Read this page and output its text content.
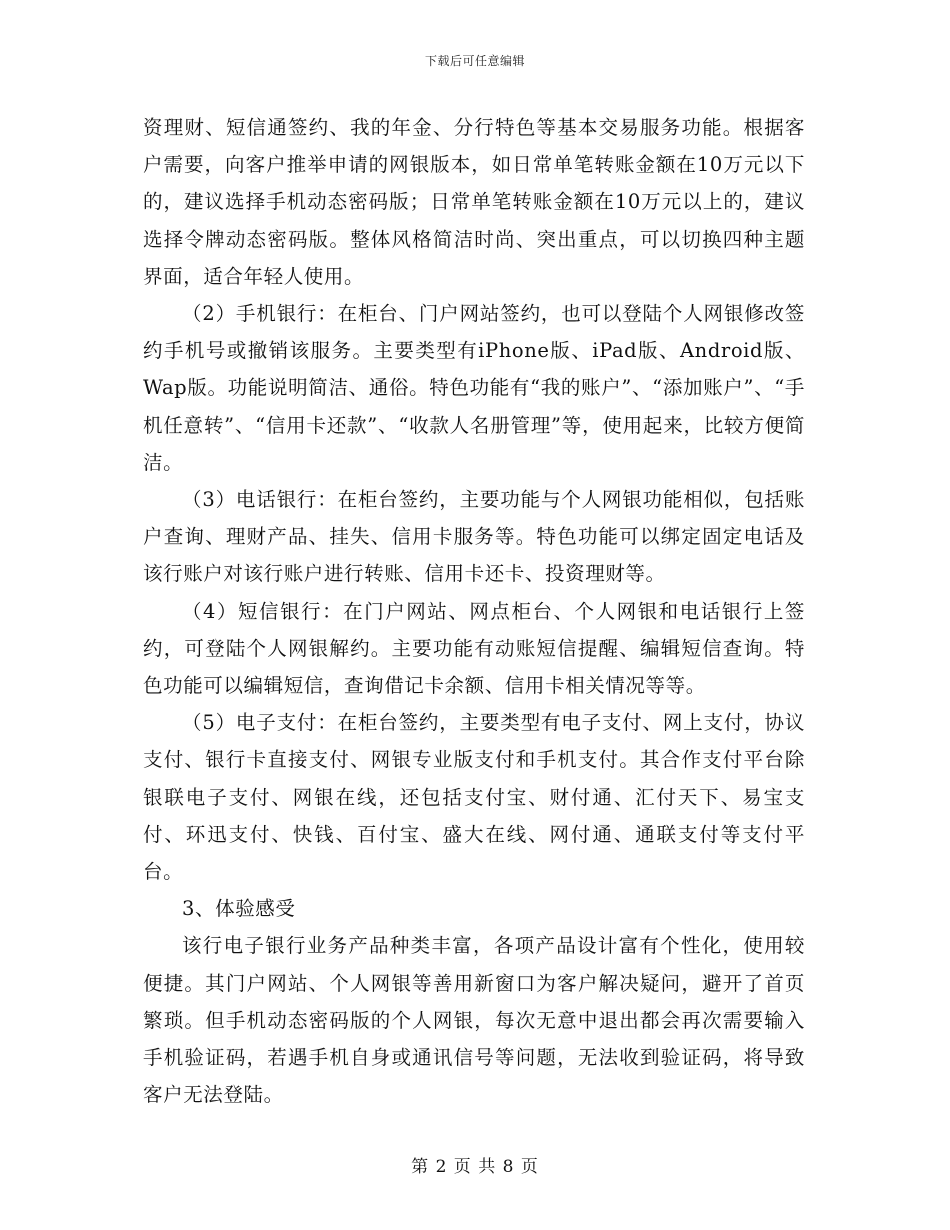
下载后可任意编辑

资理财、短信通签约、我的年金、分行特色等基本交易服务功能。根据客户需要，向客户推举申请的网银版本，如日常单笔转账金额在10万元以下的，建议选择手机动态密码版；日常单笔转账金额在10万元以上的，建议选择令牌动态密码版。整体风格简洁时尚、突出重点，可以切换四种主题界面，适合年轻人使用。

（2）手机银行：在柜台、门户网站签约，也可以登陆个人网银修改签约手机号或撤销该服务。主要类型有iPhone版、iPad版、Android版、Wap版。功能说明简洁、通俗。特色功能有“我的账户”、“添加账户”、“手机任意转”、“信用卡还款”、“收款人名册管理”等，使用起来，比较方便简洁。

（3）电话银行：在柜台签约，主要功能与个人网银功能相似，包括账户查询、理财产品、挂失、信用卡服务等。特色功能可以绑定固定电话及该行账户对该行账户进行转账、信用卡还卡、投资理财等。

（4）短信银行：在门户网站、网点柜台、个人网银和电话银行上签约，可登陆个人网银解约。主要功能有动账短信提醒、编辑短信查询。特色功能可以编辑短信，查询借记卡余额、信用卡相关情况等等。

（5）电子支付：在柜台签约，主要类型有电子支付、网上支付，协议支付、银行卡直接支付、网银专业版支付和手机支付。其合作支付平台除银联电子支付、网银在线，还包括支付宝、财付通、汇付天下、易宝支付、环迅支付、快钱、百付宝、盛大在线、网付通、通联支付等支付平台。

3、体验感受

该行电子银行业务产品种类丰富，各项产品设计富有个性化，使用较便捷。其门户网站、个人网银等善用新窗口为客户解决疑问，避开了首页繁琐。但手机动态密码版的个人网银，每次无意中退出都会再次需要输入手机验证码，若遇手机自身或通讯信号等问题，无法收到验证码，将导致客户无法登陆。

第 2 页 共 8 页
